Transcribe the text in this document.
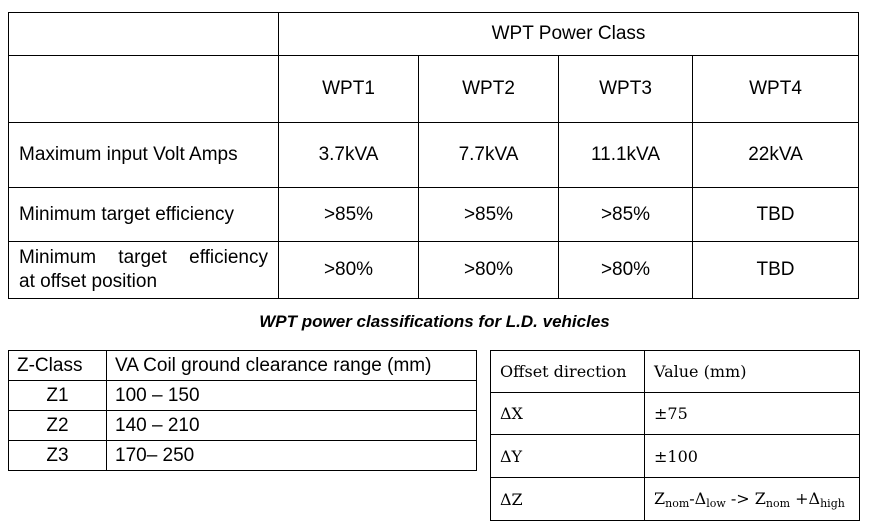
	WPT Power Class			
	WPT1	WPT2	WPT3	WPT4
Maximum input Volt Amps	3.7kVA	7.7kVA	11.1kVA	22kVA
Minimum target efficiency	>85%	>85%	>85%	TBD
Minimum target efficiency
at offset position	>80%	>80%	>80%	TBD
WPT power classifications for L.D. vehicles
Z-Class	VA Coil ground clearance range (mm)
Z1	100 – 150
Z2	140 – 210
Z3	170– 250
Offset direction	Value (mm)
ΔX	±75
ΔY	±100
ΔZ	$Z_{nom}-\Delta_{low} -> Z_{nom} +\Delta_{high}$
